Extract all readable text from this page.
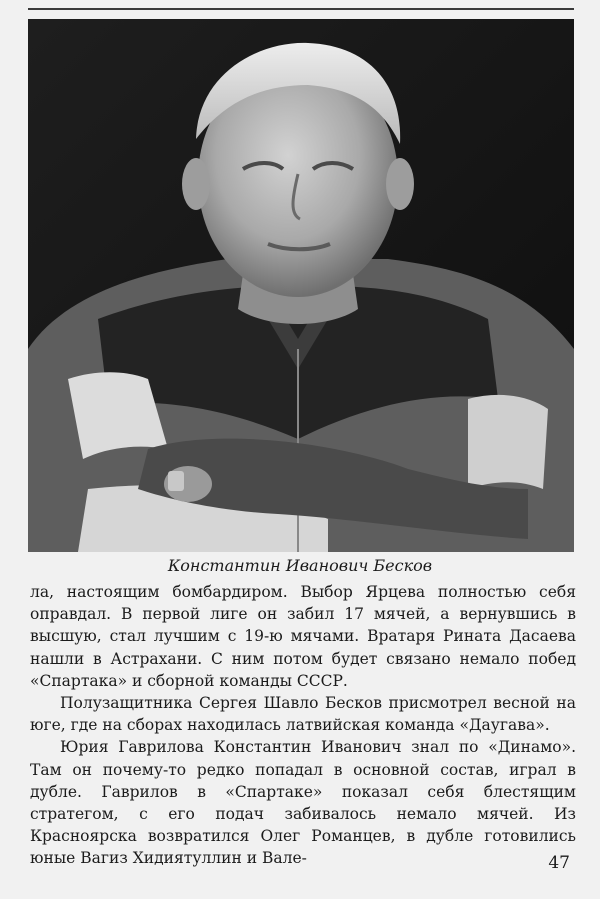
Константин Иванович Бесков

ла, настоящим бомбардиром. Выбор Ярцева полностью себя оправдал. В первой лиге он забил 17 мячей, а вернувшись в высшую, стал лучшим с 19-ю мячами. Вратаря Рината Дасаева нашли в Астрахани. С ним потом будет связано немало побед «Спартака» и сборной команды СССР.

Полузащитника Сергея Шавло Бесков присмотрел весной на юге, где на сборах находилась латвийская команда «Даугава».

Юрия Гаврилова Константин Иванович знал по «Динамо». Там он почему-то редко попадал в основной состав, играл в дубле. Гаврилов в «Спартаке» показал себя блестящим стратегом, с его подач забивалось немало мячей. Из Красноярска возвратился Олег Романцев, в дубле готовились юные Вагиз Хидиятуллин и Вале-	47
